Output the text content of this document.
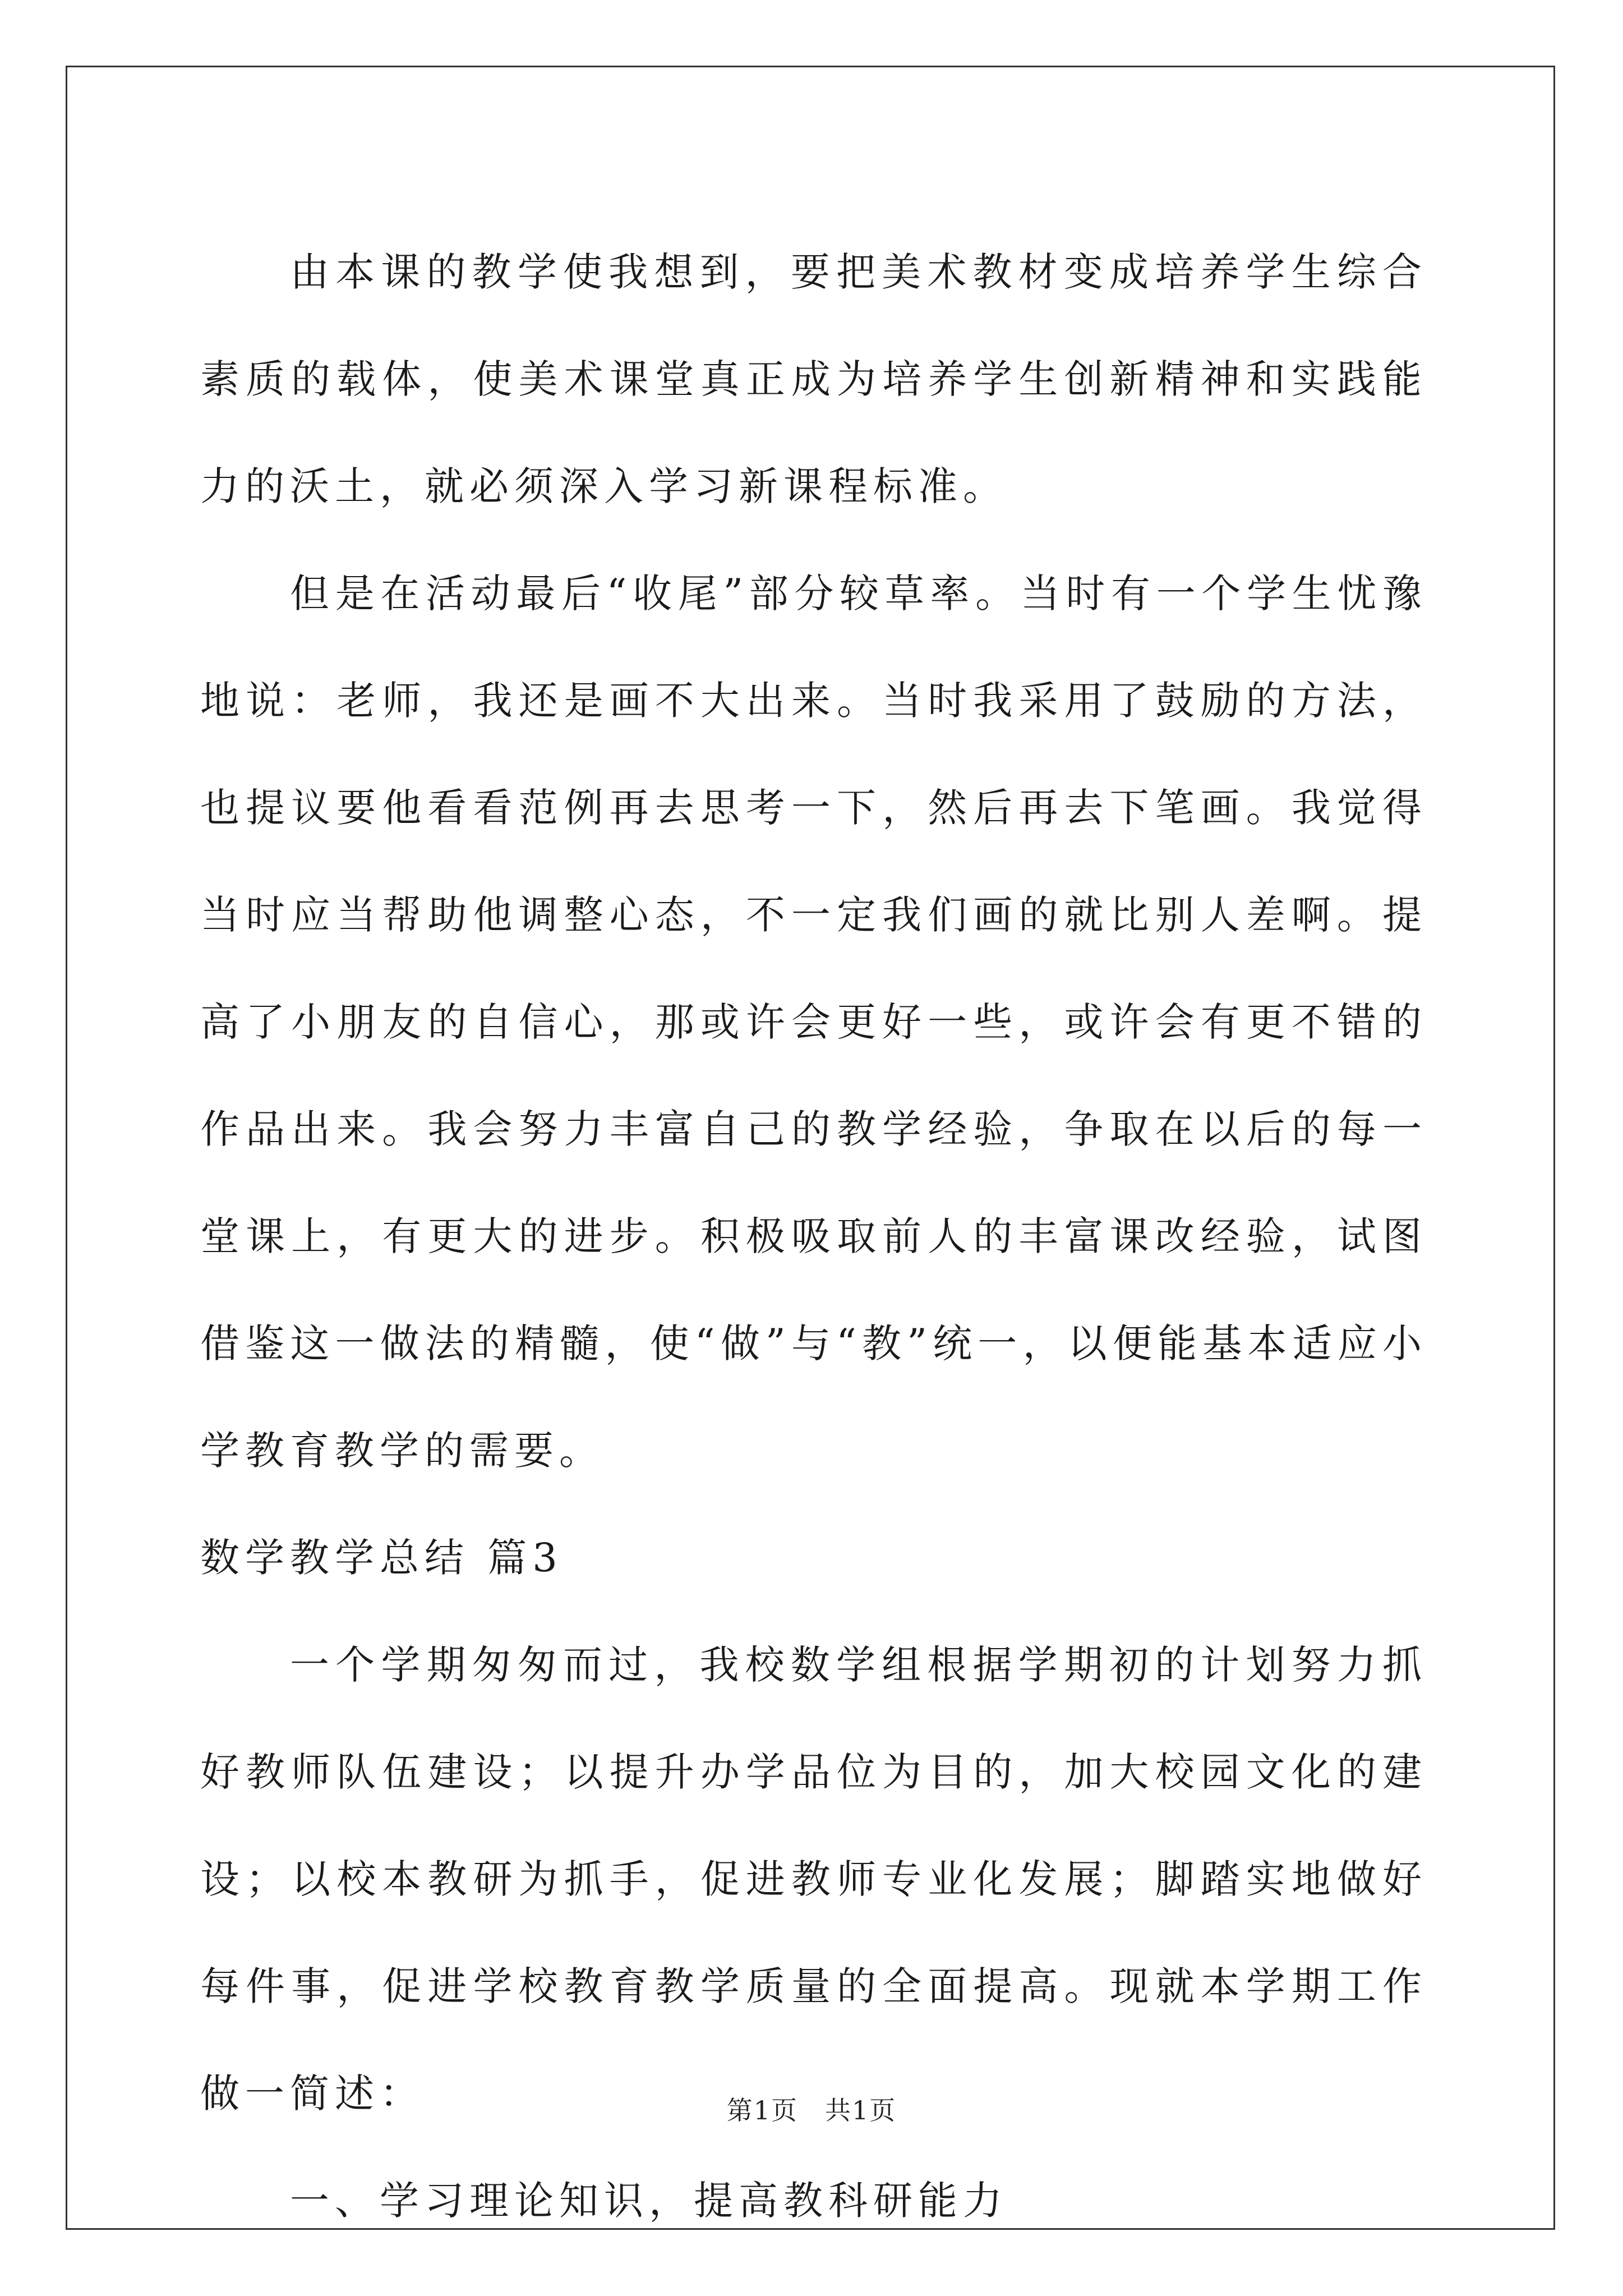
由本课的教学使我想到，要把美术教材变成培养学生综合素质的载体，使美术课堂真正成为培养学生创新精神和实践能力的沃土，就必须深入学习新课程标准。

但是在活动最后“收尾”部分较草率。当时有一个学生忧豫地说：老师，我还是画不大出来。当时我采用了鼓励的方法，也提议要他看看范例再去思考一下，然后再去下笔画。我觉得当时应当帮助他调整心态，不一定我们画的就比别人差啊。提高了小朋友的自信心，那或许会更好一些，或许会有更不错的作品出来。我会努力丰富自己的教学经验，争取在以后的每一堂课上，有更大的进步。积极吸取前人的丰富课改经验，试图借鉴这一做法的精髓，使“做”与“教”统一，以便能基本适应小学教育教学的需要。

数学教学总结 篇3

一个学期匆匆而过，我校数学组根据学期初的计划努力抓好教师队伍建设；以提升办学品位为目的，加大校园文化的建设；以校本教研为抓手，促进教师专业化发展；脚踏实地做好每件事，促进学校教育教学质量的全面提高。现就本学期工作做一简述：

一、学习理论知识，提高教科研能力

第1页　共1页
